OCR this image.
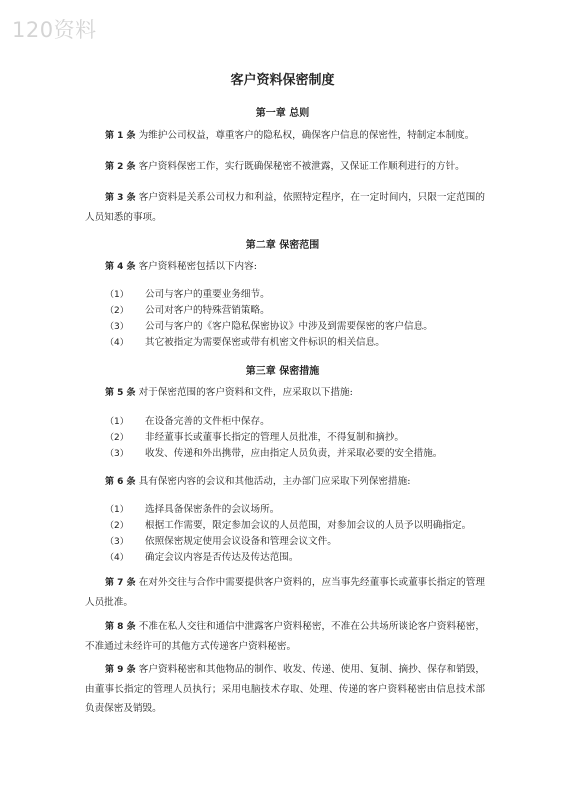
120资料
客户资料保密制度
第一章 总则
第 1 条 为维护公司权益，尊重客户的隐私权，确保客户信息的保密性，特制定本制度。
第 2 条 客户资料保密工作，实行既确保秘密不被泄露，又保证工作顺利进行的方针。
第 3 条 客户资料是关系公司权力和利益，依照特定程序，在一定时间内，只限一定范围的人员知悉的事项。
第二章 保密范围
第 4 条 客户资料秘密包括以下内容:
（1） 公司与客户的重要业务细节。
（2） 公司对客户的特殊营销策略。
（3） 公司与客户的《客户隐私保密协议》中涉及到需要保密的客户信息。
（4） 其它被指定为需要保密或带有机密文件标识的相关信息。
第三章 保密措施
第 5 条 对于保密范围的客户资料和文件，应采取以下措施:
（1） 在设备完善的文件柜中保存。
（2） 非经董事长或董事长指定的管理人员批准，不得复制和摘抄。
（3） 收发、传递和外出携带，应由指定人员负责，并采取必要的安全措施。
第 6 条 具有保密内容的会议和其他活动，主办部门应采取下列保密措施:
（1） 选择具备保密条件的会议场所。
（2） 根据工作需要，限定参加会议的人员范围，对参加会议的人员予以明确指定。
（3） 依照保密规定使用会议设备和管理会议文件。
（4） 确定会议内容是否传达及传达范围。
第 7 条 在对外交往与合作中需要提供客户资料的，应当事先经董事长或董事长指定的管理人员批准。
第 8 条 不准在私人交往和通信中泄露客户资料秘密，不准在公共场所谈论客户资料秘密，不准通过未经许可的其他方式传递客户资料秘密。
第 9 条 客户资料秘密和其他物品的制作、收发、传递、使用、复制、摘抄、保存和销毁，由董事长指定的管理人员执行；采用电脑技术存取、处理、传递的客户资料秘密由信息技术部负责保密及销毁。
